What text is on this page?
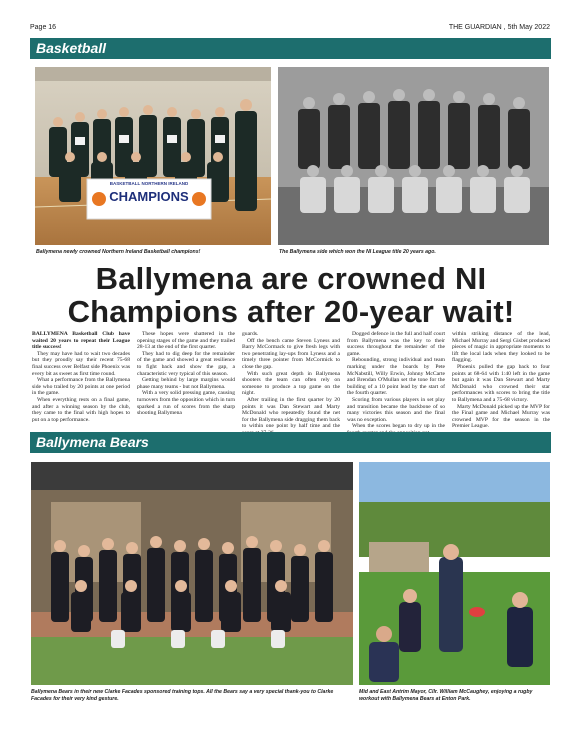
Page 16	THE GUARDIAN , 5th May 2022
Basketball
BASKETBALL NORTHERN IRELAND
CHAMPIONS
Ballymena newly crowned Northern Ireland Basketball champions!	The Ballymena side which won the NI League title 20 years ago.
Ballymena are crowned NI Champions after 20-year wait!

BALLYMENA Basketball Club have waited 20 years to repeat their League title success!

They may have had to wait two decades but they proudly say their recent 75-68 final success over Belfast side Phoenix was every bit as sweet as first time round.

What a performance from the Ballymena side who trailed by 20 points at one period in the game.

When everything rests on a final game, and after a winning season by the club, they came to the final with high hopes to put on a top performance.

These hopes were shattered in the opening stages of the game and they trailed 28-13 at the end of the first quarter.

They had to dig deep for the remainder of the game and showed a great resilience to fight back and show the gap, a characteristic very typical of this season.

Getting behind by large margins would phase many teams - but not Ballymena.

With a very solid pressing game, causing turnovers from the opposition which in turn sparked a run of scores from the sharp shooting Ballymena

guards.

Off the bench came Steven Lyness and Barry McCormack to give fresh legs with two penetrating lay-ups from Lyness and a timely three pointer from McCormick to close the gap.

With such great depth in Ballymena shooters the team can often rely on someone to produce a top game on the night.

After trailing in the first quarter by 20 points it was Dan Stewart and Marty McDonald who repeatedly found the net for the Ballymena side dragging them back to within one point by half time and the

Dogged defence in the full and half court from Ballymena was the key to their success throughout the remainder of the game.

Rebounding, strong individual and team marking under the boards by Pete McNabstill, Willy Erwin, Johnny McCarte and Brendan O'Mullan set the tone for the building of a 10 point lead by the start of the fourth quarter.

Scoring from various players in set play and transition became the backbone of so many victories this season and the final was no exception.

When the scores began to dry up in the

within striking distance of the lead, Michael Murray and Sergi Gisbet produced pieces of magic in appropriate moments to lift the local lads when they looked to be flagging.

Phoenix pulled the gap back to four points at 68-64 with 1:40 left in the game but again it was Dan Stewart and Marty McDonald who crowned their star performances with scores to bring the title to Ballymena and a 75-68 victory.

Marty McDonald picked up the MVP for the Final game and Michael Murray was crowned MVP for the season in the Premier League.

Ballymena Bears
Ballymena Bears in their new Clarke Facades sponsored training tops. All the Bears say a very special thank-you to Clarke Facades for their very kind gesture.
Mid and East Antrim Mayor, Cllr. William McCaughey, enjoying a rugby workout with Ballymena Bears at Enton Park.
